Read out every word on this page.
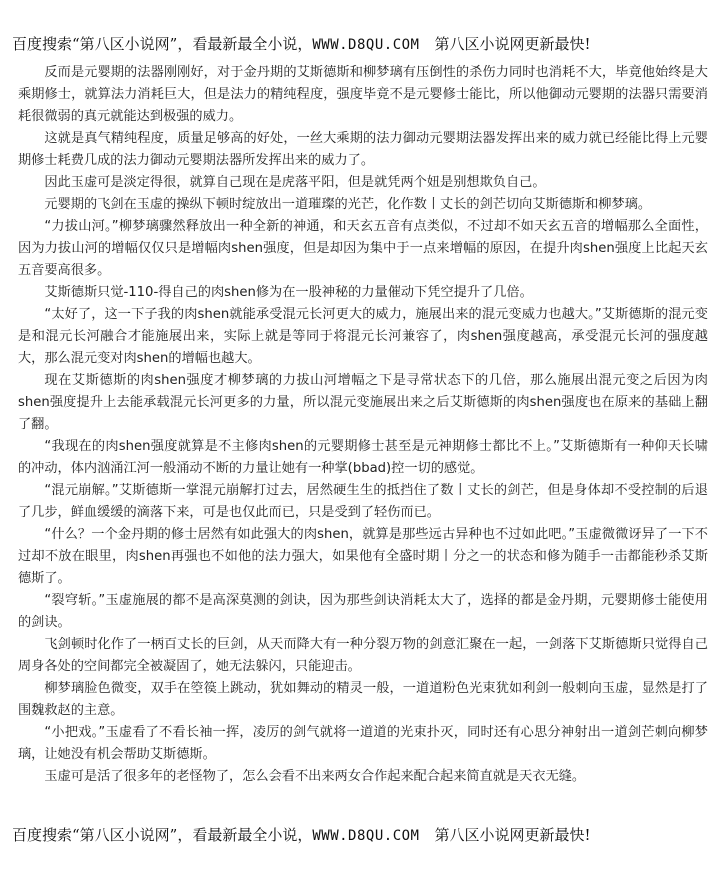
百度搜索“第八区小说网”，看最新最全小说，WWW.D8QU.COM　第八区小说网更新最快!

反而是元婴期的法器刚刚好，对于金丹期的艾斯德斯和柳梦璃有压倒性的杀伤力同时也消耗不大，毕竟他始终是大乘期修士，就算法力消耗巨大，但是法力的精纯程度，强度毕竟不是元婴修士能比，所以他御动元婴期的法器只需要消耗很微弱的真元就能达到极强的威力。

这就是真气精纯程度，质量足够高的好处，一丝大乘期的法力御动元婴期法器发挥出来的威力就已经能比得上元婴期修士耗费几成的法力御动元婴期法器所发挥出来的威力了。

因此玉虚可是淡定得很，就算自己现在是虎落平阳，但是就凭两个妞是别想欺负自己。

元婴期的飞剑在玉虚的操纵下顿时绽放出一道璀璨的光芒，化作数丨丈长的剑芒切向艾斯德斯和柳梦璃。

“力拔山河。”柳梦璃骤然释放出一种全新的神通，和天玄五音有点类似，不过却不如天玄五音的增幅那么全面性，因为力拔山河的增幅仅仅只是增幅肉shen强度，但是却因为集中于一点来增幅的原因，在提升肉shen强度上比起天玄五音要高很多。

艾斯德斯只觉-110-得自己的肉shen修为在一股神秘的力量催动下凭空提升了几倍。

“太好了，这一下子我的肉shen就能承受混元长河更大的威力，施展出来的混元变威力也越大。”艾斯德斯的混元变是和混元长河融合才能施展出来，实际上就是等同于将混元长河兼容了，肉shen强度越高，承受混元长河的强度越大，那么混元变对肉shen的增幅也越大。

现在艾斯德斯的肉shen强度才柳梦璃的力拔山河增幅之下是寻常状态下的几倍，那么施展出混元变之后因为肉shen强度提升上去能承载混元长河更多的力量，所以混元变施展出来之后艾斯德斯的肉shen强度也在原来的基础上翻了翻。

“我现在的肉shen强度就算是不主修肉shen的元婴期修士甚至是元神期修士都比不上。”艾斯德斯有一种仰天长啸的冲动，体内汹涌江河一般涌动不断的力量让她有一种掌(bbad)控一切的感觉。

“混元崩解。”艾斯德斯一掌混元崩解打过去，居然硬生生的抵挡住了数丨丈长的剑芒，但是身体却不受控制的后退了几步，鲜血缓缓的滴落下来，可是也仅此而已，只是受到了轻伤而已。

“什么？一个金丹期的修士居然有如此强大的肉shen，就算是那些远古异种也不过如此吧。”玉虚微微讶异了一下不过却不放在眼里，肉shen再强也不如他的法力强大，如果他有全盛时期丨分之一的状态和修为随手一击都能秒杀艾斯德斯了。

“裂穹斩。”玉虚施展的都不是高深莫测的剑诀，因为那些剑诀消耗太大了，选择的都是金丹期，元婴期修士能使用的剑诀。

飞剑顿时化作了一柄百丈长的巨剑，从天而降大有一种分裂万物的剑意汇聚在一起，一剑落下艾斯德斯只觉得自己周身各处的空间都完全被凝固了，她无法躲闪，只能迎击。

柳梦璃脸色微变，双手在箜篌上跳动，犹如舞动的精灵一般，一道道粉色光束犹如利剑一般刺向玉虚，显然是打了围魏救赵的主意。

“小把戏。”玉虚看了不看长袖一挥，凌厉的剑气就将一道道的光束扑灭，同时还有心思分神射出一道剑芒刺向柳梦璃，让她没有机会帮助艾斯德斯。

玉虚可是活了很多年的老怪物了，怎么会看不出来两女合作起来配合起来简直就是天衣无缝。

百度搜索“第八区小说网”，看最新最全小说，WWW.D8QU.COM　第八区小说网更新最快!
